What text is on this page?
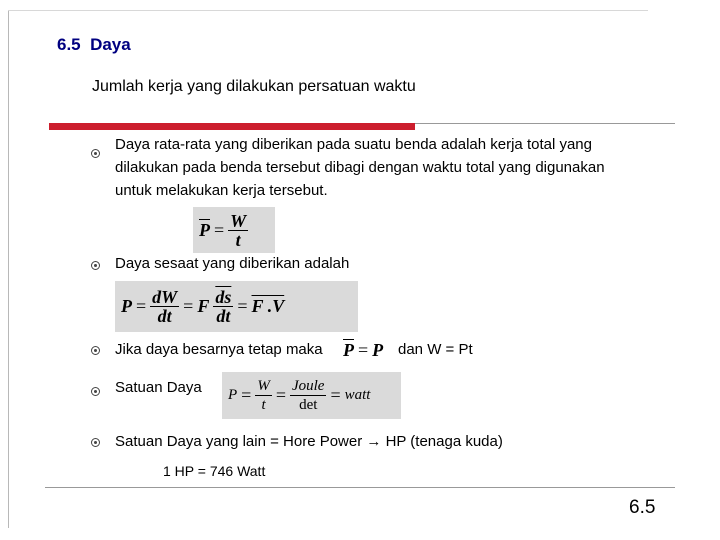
6.5  Daya
Jumlah kerja yang dilakukan persatuan waktu
Daya rata-rata yang diberikan pada suatu benda adalah kerja total yang
dilakukan pada benda tersebut dibagi dengan waktu total yang digunakan
untuk melakukan kerja tersebut.
$\overline{P} = \frac{W}{t}$
Daya sesaat yang diberikan adalah
$P = \frac{dW}{dt} = F \frac{\overline{ds}}{dt} = F$ .V
Jika daya besarnya tetap maka $\overline{P} = P$ dan W = Pt
Satuan Daya $P = \frac{W}{t} = \frac{\text{Joule}}{\det}$ = watt
Satuan Daya yang lain = Hore Power → HP (tenaga kuda)
1 HP = 746 Watt
6.5
